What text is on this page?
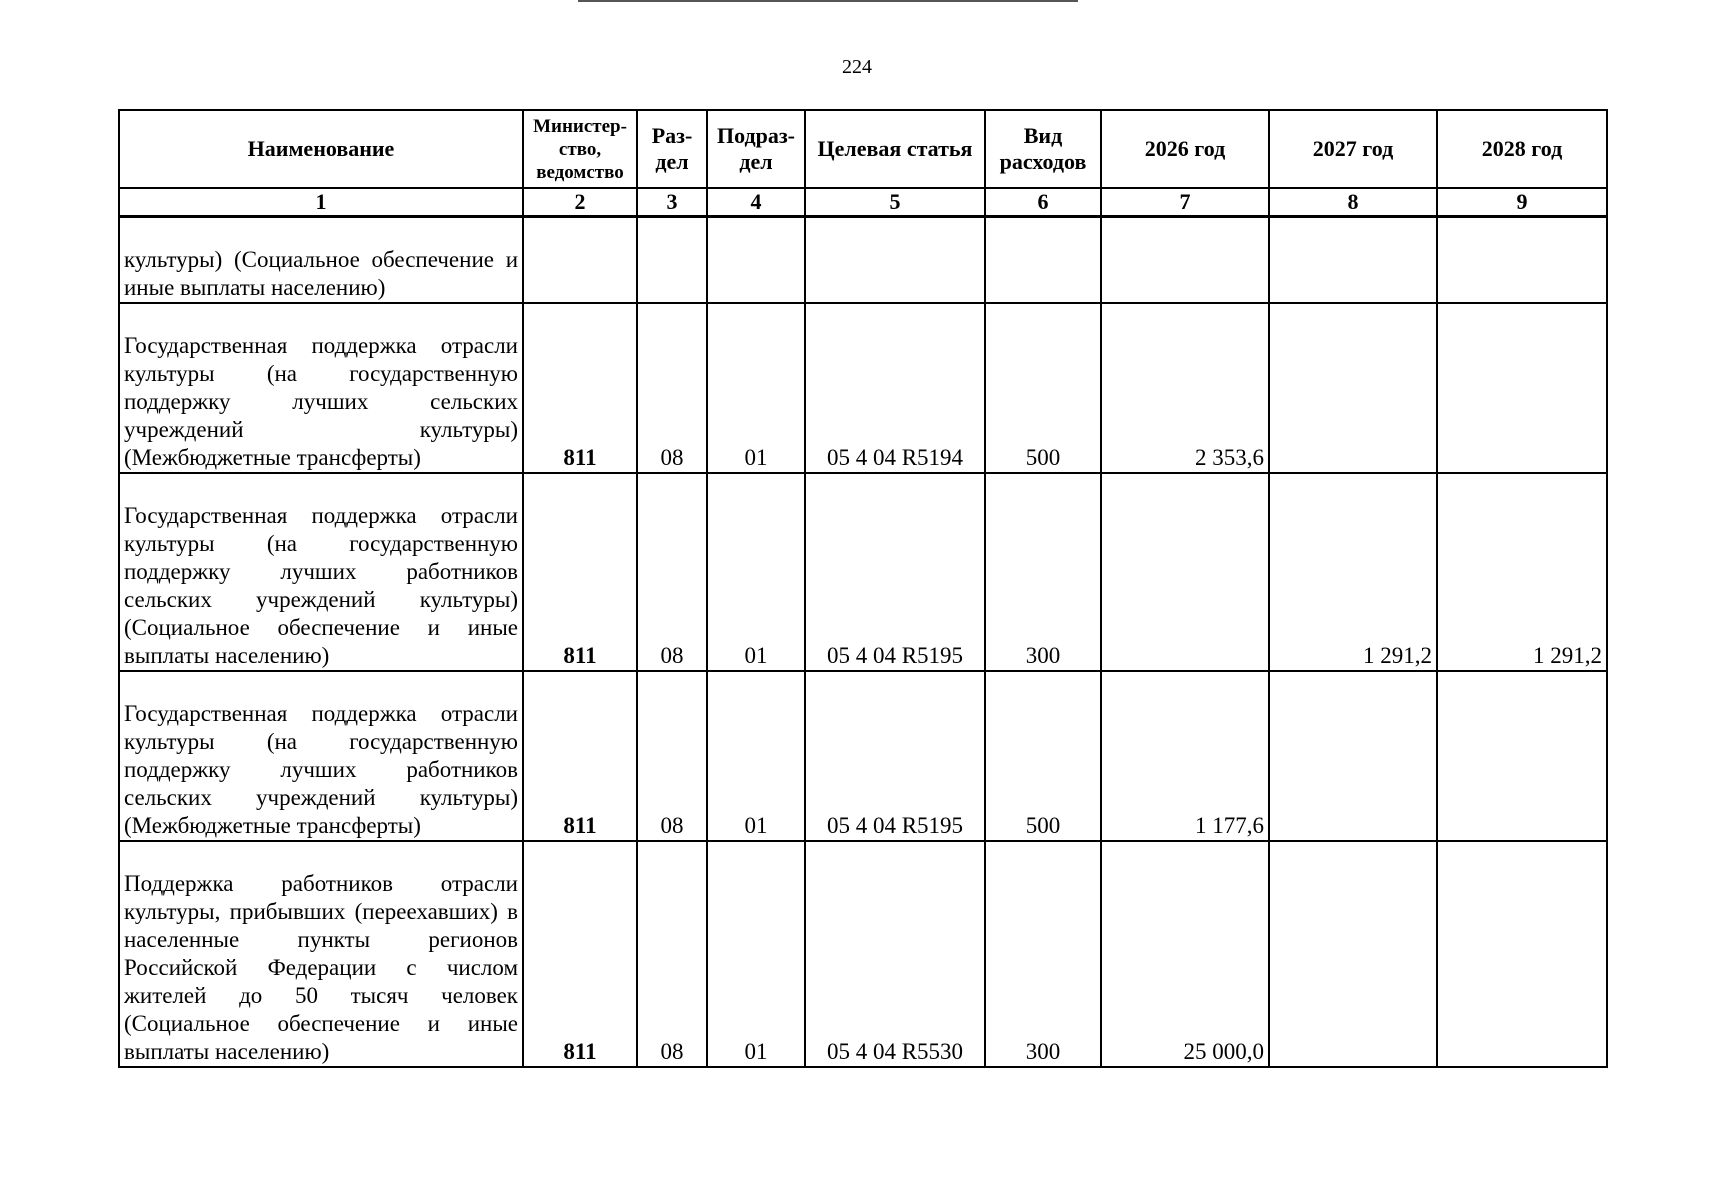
224
Наименование	Министер-ство, ведомство	Раз-дел	Подраз-дел	Целевая статья	Вид расходов	2026 год	2027 год	2028 год
1	2	3	4	5	6	7	8	9
культуры) (Социальное обеспечение и иные выплаты населению)								
Государственная поддержка отрасли культуры (на государственную поддержку лучших сельских учреждений культуры) (Межбюджетные трансферты)	811	08	01	05 4 04 R5194	500	2 353,6		
Государственная поддержка отрасли культуры (на государственную поддержку лучших работников сельских учреждений культуры) (Социальное обеспечение и иные выплаты населению)	811	08	01	05 4 04 R5195	300		1 291,2	1 291,2
Государственная поддержка отрасли культуры (на государственную поддержку лучших работников сельских учреждений культуры) (Межбюджетные трансферты)	811	08	01	05 4 04 R5195	500	1 177,6		
Поддержка работников отрасли культуры, прибывших (переехавших) в населенные пункты регионов Российской Федерации с числом жителей до 50 тысяч человек (Социальное обеспечение и иные выплаты населению)	811	08	01	05 4 04 R5530	300	25 000,0		
